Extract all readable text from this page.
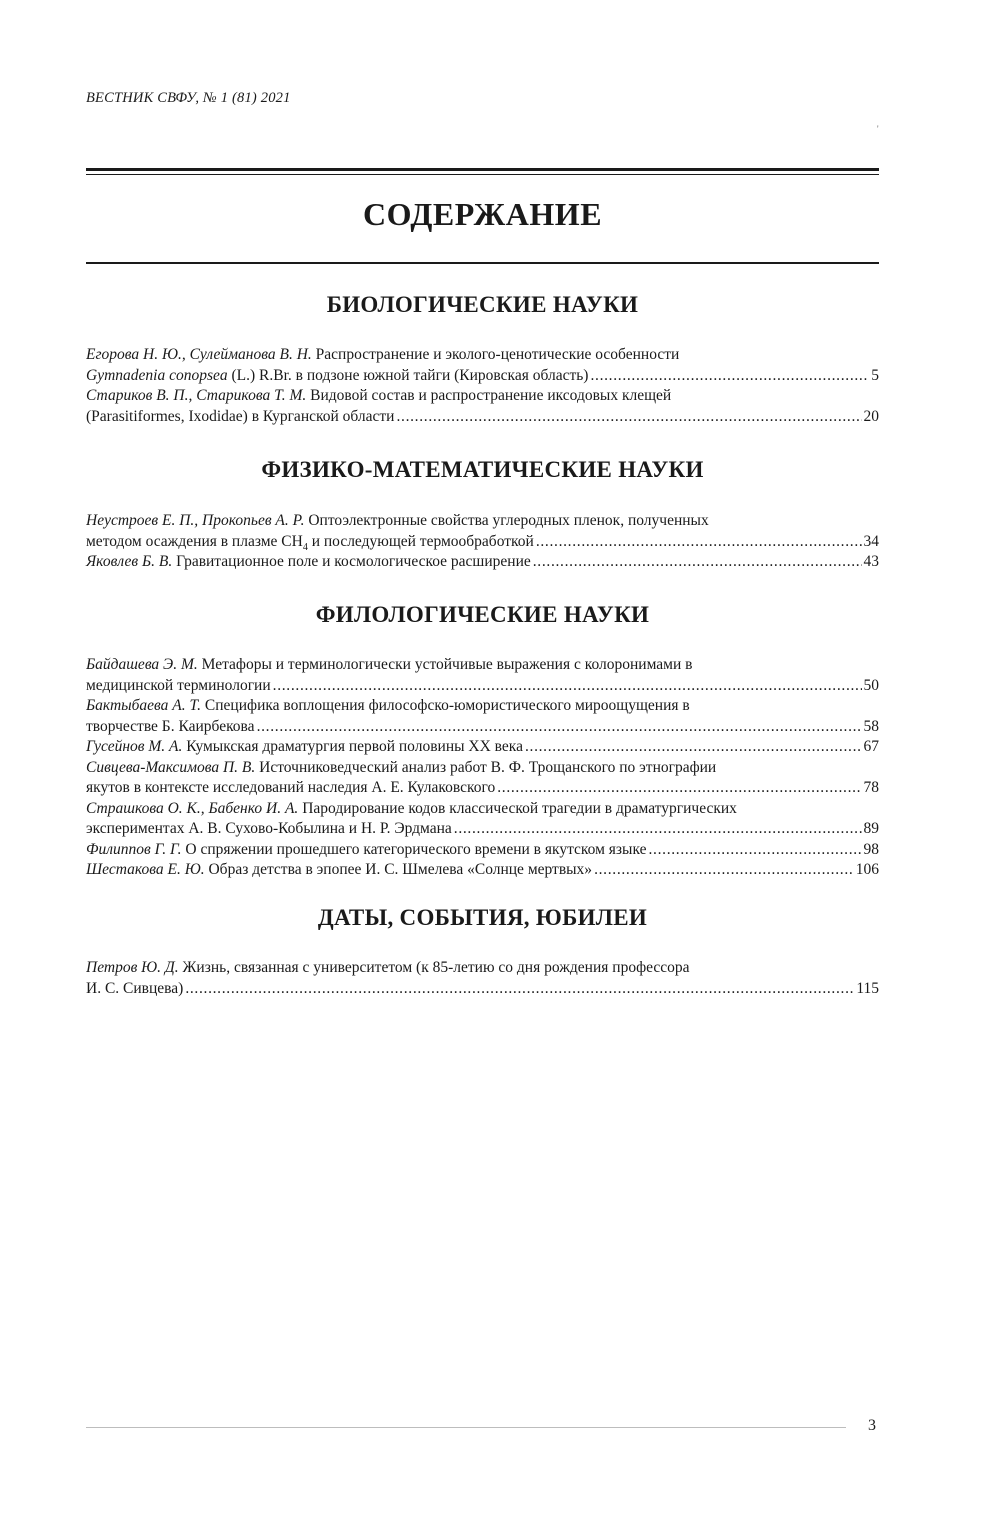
ВЕСТНИК СВФУ, № 1 (81) 2021
'
СОДЕРЖАНИЕ
БИОЛОГИЧЕСКИЕ НАУКИ
Егорова Н. Ю., Сулейманова В. Н. Распространение и эколого-ценотические особенности
Gymnadenia conopsea (L.) R.Br. в подзоне южной тайги (Кировская область) . . .	5
Стариков В. П., Старикова Т. М. Видовой состав и распространение иксодовых клещей
(Parasitiformes, Ixodidae) в Курганской области . . .	20
ФИЗИКО-МАТЕМАТИЧЕСКИЕ НАУКИ
Неустроев Е. П., Прокопьев А. Р. Оптоэлектронные свойства углеродных пленок, полученных
методом осаждения в плазме $CH_4$ и последующей термообработкой . . .	34
Яковлев Б. В. Гравитационное поле и космологическое расширение . . .	43
ФИЛОЛОГИЧЕСКИЕ НАУКИ
Байдашева Э. М. Метафоры и терминологически устойчивые выражения с колоронимами в
медицинской терминологии . . .	50
Бактыбаева А. Т. Специфика воплощения философско-юмористического мироощущения в
творчестве Б. Каирбекова . . .	58
Гусейнов М. А. Кумыкская драматургия первой половины XX века . . .	67
Сивцева-Максимова П. В. Источниковедческий анализ работ В. Ф. Трощанского по этнографии
якутов в контексте исследований наследия А. Е. Кулаковского . . .	78
Страшкова О. К., Бабенко И. А. Пародирование кодов классической трагедии в драматургических
экспериментах А. В. Сухово-Кобылина и Н. Р. Эрдмана . . .	89
Филиппов Г. Г. О спряжении прошедшего категорического времени в якутском языке . . .	98
Шестакова Е. Ю. Образ детства в эпопее И. С. Шмелева «Солнце мертвых» . . .	106
ДАТЫ, СОБЫТИЯ, ЮБИЛЕИ
Петров Ю. Д. Жизнь, связанная с университетом (к 85-летию со дня рождения профессора
И. С. Сивцева) . . .	115
3
